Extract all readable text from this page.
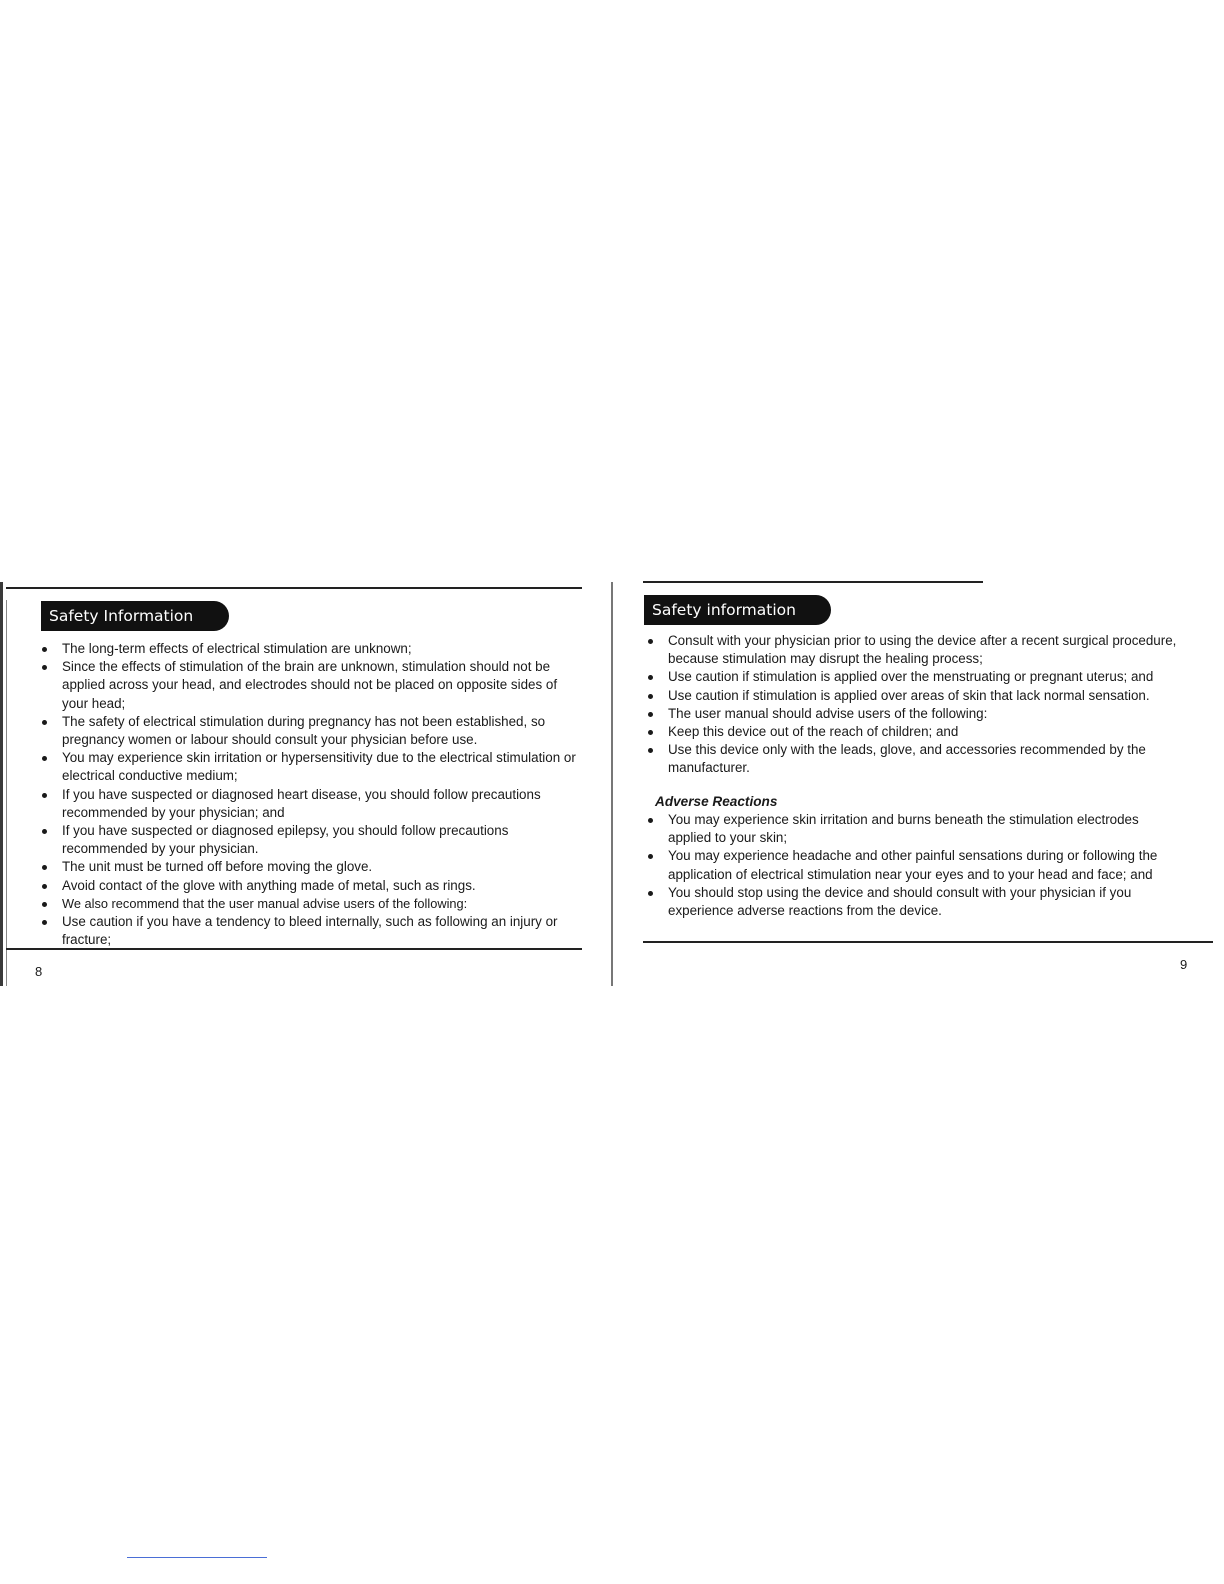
Safety Information
The long-term effects of electrical stimulation are unknown;
Since the effects of stimulation of the brain are unknown, stimulation should not be applied across your head, and electrodes should not be placed on opposite sides of your head;
The safety of electrical stimulation during pregnancy has not been established, so pregnancy women or labour should consult your physician before use.
You may experience skin irritation or hypersensitivity due to the electrical stimulation or electrical conductive medium;
If you have suspected or diagnosed heart disease, you should follow precautions recommended by your physician; and
If you have suspected or diagnosed epilepsy, you should follow precautions recommended by your physician.
The unit must be turned off before moving the glove.
Avoid contact of the glove with anything made of metal, such as rings.
We also recommend that the user manual advise users of the following:
Use caution if you have a tendency to bleed internally, such as following an injury or fracture;
8
Safety information
Consult with your physician prior to using the device after a recent surgical procedure, because stimulation may disrupt the healing process;
Use caution if stimulation is applied over the menstruating or pregnant uterus; and
Use caution if stimulation is applied over areas of skin that lack normal sensation.
The user manual should advise users of the following:
Keep this device out of the reach of children; and
Use this device only with the leads, glove, and accessories recommended by the manufacturer.
Adverse Reactions
You may experience skin irritation and burns beneath the stimulation electrodes applied to your skin;
You may experience headache and other painful sensations during or following the application of electrical stimulation near your eyes and to your head and face; and
You should stop using the device and should consult with your physician if you experience adverse reactions from the device.
9
